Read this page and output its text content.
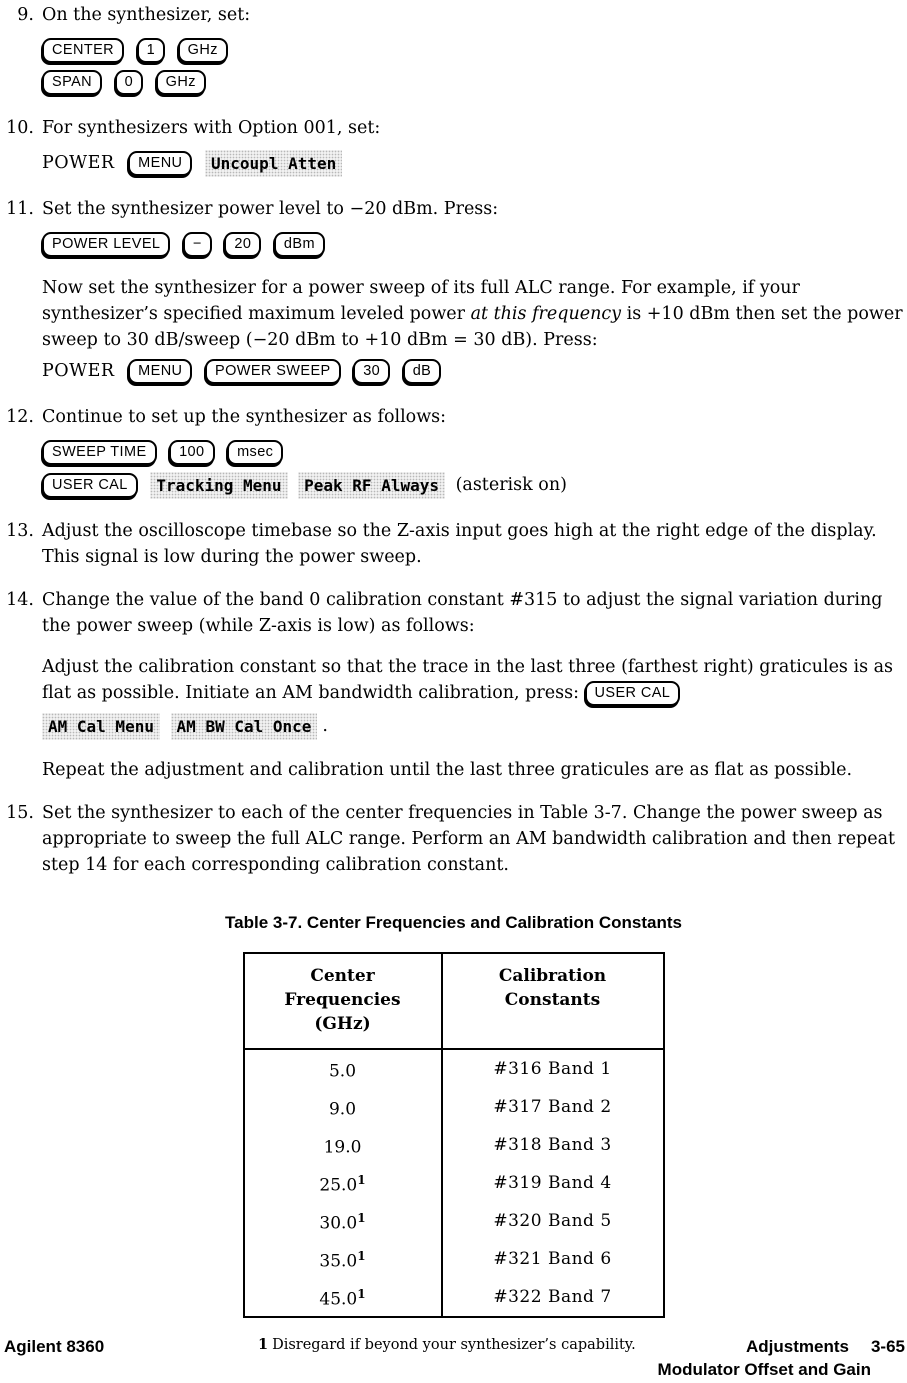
9. On the synthesizer, set:
CENTER 1 GHz
SPAN 0 GHz
10. For synthesizers with Option 001, set:
POWER MENU Uncoupl Atten
11. Set the synthesizer power level to −20 dBm. Press:
POWER LEVEL − 20 dBm
Now set the synthesizer for a power sweep of its full ALC range. For example, if your synthesizer’s specified maximum leveled power at this frequency is +10 dBm then set the power sweep to 30 dB/sweep (−20 dBm to +10 dBm = 30 dB). Press:
POWER MENU POWER SWEEP 30 dB
12. Continue to set up the synthesizer as follows:
SWEEP TIME 100 msec
USER CAL Tracking Menu Peak RF Always (asterisk on)
13. Adjust the oscilloscope timebase so the Z-axis input goes high at the right edge of the display. This signal is low during the power sweep.
14. Change the value of the band 0 calibration constant #315 to adjust the signal variation during the power sweep (while Z-axis is low) as follows:
Adjust the calibration constant so that the trace in the last three (farthest right) graticules is as flat as possible. Initiate an AM bandwidth calibration, press: USER CAL
AM Cal Menu AM BW Cal Once .
Repeat the adjustment and calibration until the last three graticules are as flat as possible.
15. Set the synthesizer to each of the center frequencies in Table 3-7. Change the power sweep as appropriate to sweep the full ALC range. Perform an AM bandwidth calibration and then repeat step 14 for each corresponding calibration constant.
Table 3-7. Center Frequencies and Calibration Constants
Center Frequencies
(GHz)	Calibration Constants
5.0	#316 Band 1
9.0	#317 Band 2
19.0	#318 Band 3
25.0$^1$	#319 Band 4
30.0$^1$	#320 Band 5
35.0$^1$	#321 Band 6
45.0$^1$	#322 Band 7
1 Disregard if beyond your synthesizer’s capability.
Agilent 8360	Adjustments 3-65
Modulator Offset and Gain
